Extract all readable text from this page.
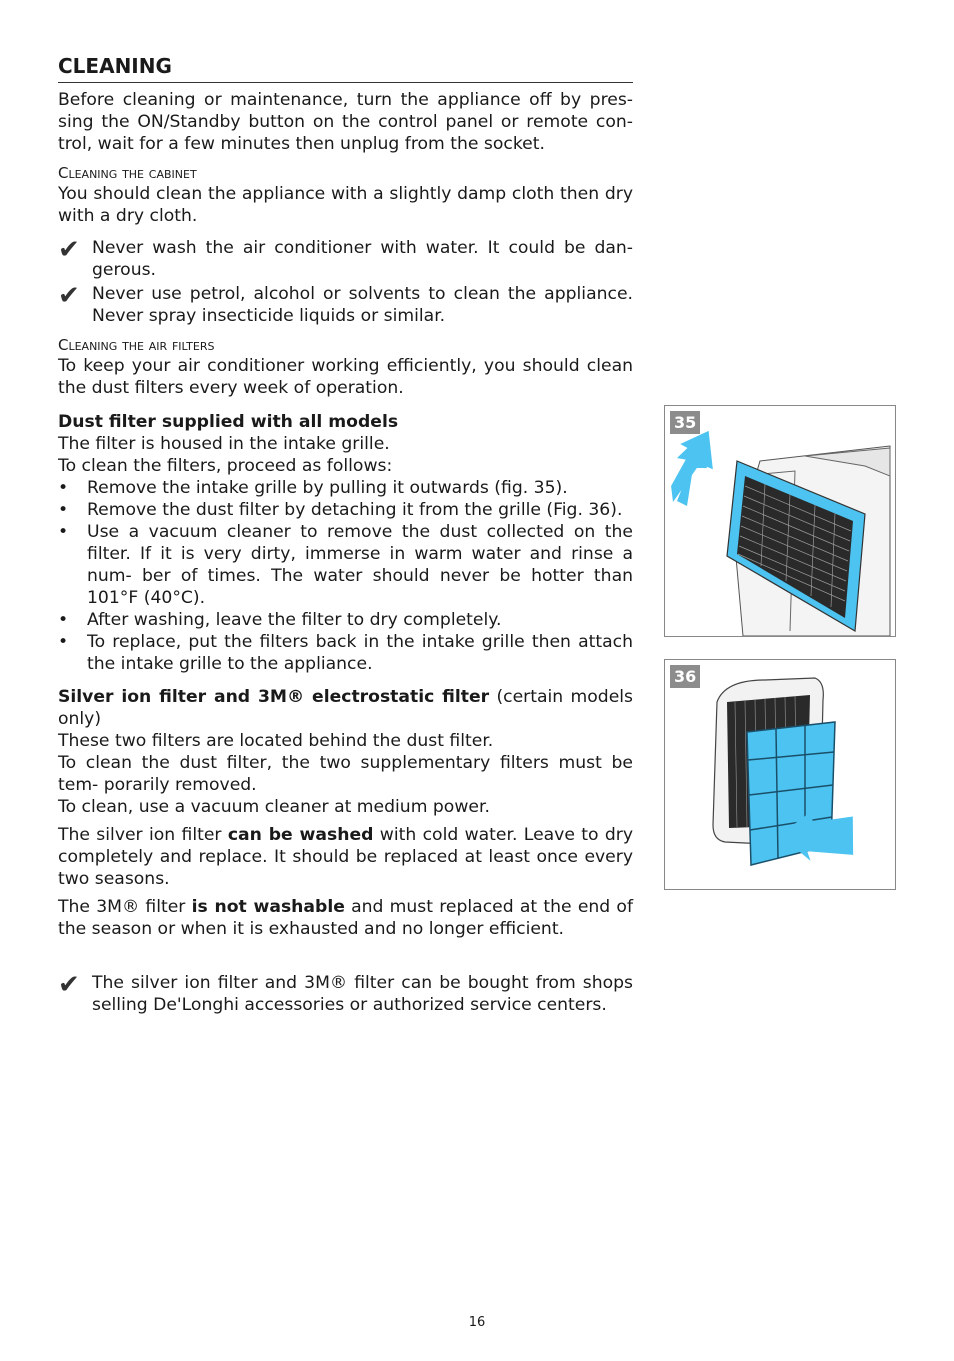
CLEANING

Before cleaning or maintenance, turn the appliance off by pres- sing the ON/Standby button on the control panel or remote con- trol, wait for a few minutes then unplug from the socket.

Cleaning the cabinet

You should clean the appliance with a slightly damp cloth then dry with a dry cloth.

✔ Never wash the air conditioner with water. It could be dan- gerous.

✔ Never use petrol, alcohol or solvents to clean the appliance. Never spray insecticide liquids or similar.

Cleaning the air filters

To keep your air conditioner working efficiently, you should clean the dust filters every week of operation.

Dust filter supplied with all models

The filter is housed in the intake grille.

To clean the filters, proceed as follows:

•	Remove the intake grille by pulling it outwards (fig. 35).

•	Remove the dust filter by detaching it from the grille (Fig. 36).

•	Use a vacuum cleaner to remove the dust collected on the filter. If it is very dirty, immerse in warm water and rinse a num- ber of times. The water should never be hotter than 101°F (40°C).

•	After washing, leave the filter to dry completely.

•	To replace, put the filters back in the intake grille then attach the intake grille to the appliance.

Silver ion filter and 3M® electrostatic filter (certain models only)

These two filters are located behind the dust filter.

To clean the dust filter, the two supplementary filters must be tem- porarily removed.

To clean, use a vacuum cleaner at medium power.

The silver ion filter can be washed with cold water. Leave to dry completely and replace. It should be replaced at least once every two seasons.

The 3M® filter is not washable and must replaced at the end of the season or when it is exhausted and no longer efficient.

✔ The silver ion filter and 3M® filter can be bought from shops selling De'Longhi accessories or authorized service centers.

35
36
16
